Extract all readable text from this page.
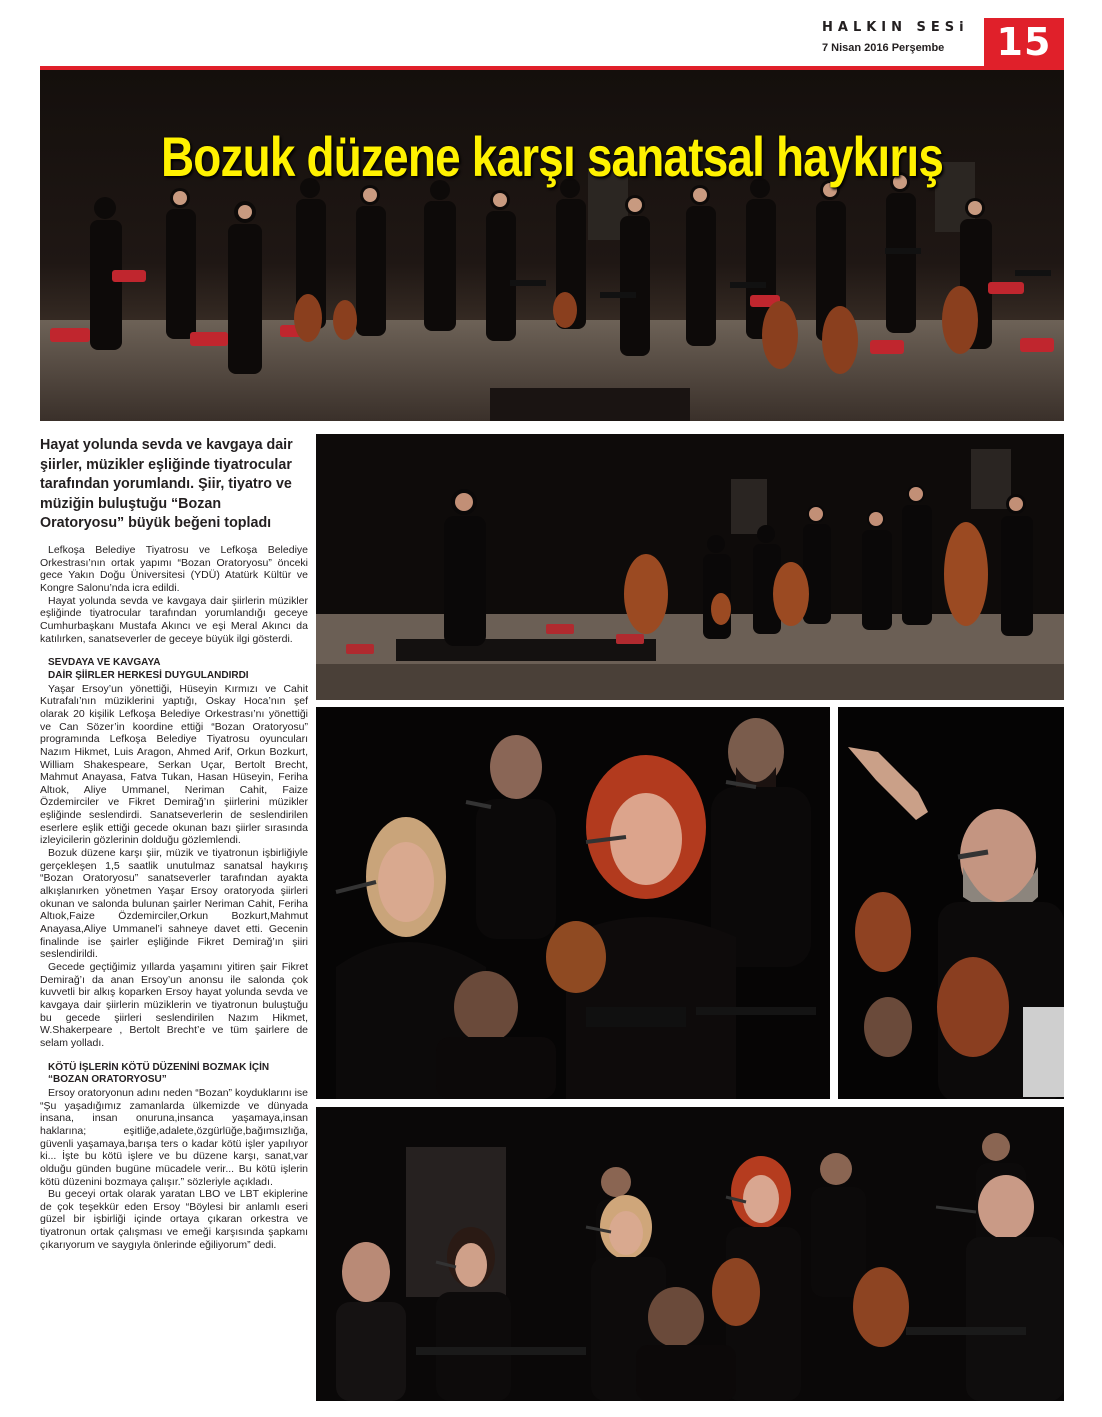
HALKIN SESi
7 Nisan 2016 Perşembe	15
Bozuk düzene karşı sanatsal haykırış

Hayat yolunda sevda ve kavgaya dair şiirler, müzikler eşliğinde tiyatrocular tarafından yorumlandı. Şiir, tiyatro ve müziğin buluştuğu “Bozan Oratoryosu” büyük beğeni topladı

Lefkoşa Belediye Tiyatrosu ve Lefkoşa Belediye Orkestrası’nın ortak yapımı “Bozan Oratoryosu” önceki gece Yakın Doğu Üniversitesi (YDÜ) Atatürk Kültür ve Kongre Salonu’nda icra edildi.

Hayat yolunda sevda ve kavgaya dair şiirlerin müzikler eşliğinde tiyatrocular tarafından yorumlandığı geceye Cumhurbaşkanı Mustafa Akıncı ve eşi Meral Akıncı da katılırken, sanatseverler de geceye büyük ilgi gösterdi.

SEVDAYA VE KAVGAYA
DAİR ŞİİRLER HERKESİ DUYGULANDIRDI

Yaşar Ersoy’un yönettiği, Hüseyin Kırmızı ve Cahit Kutrafalı’nın müziklerini yaptığı, Oskay Hoca’nın şef olarak 20 kişilik Lefkoşa Belediye Orkestrası’nı yönettiği ve Can Sözer’in koordine ettiği “Bozan Oratoryosu” programında Lefkoşa Belediye Tiyatrosu oyuncuları Nazım Hikmet, Luis Aragon, Ahmed Arif, Orkun Bozkurt, William Shakespeare, Serkan Uçar, Bertolt Brecht, Mahmut Anayasa, Fatva Tukan, Hasan Hüseyin, Feriha Altıok, Aliye Ummanel, Neriman Cahit, Faize Özdemirciler ve Fikret Demirağ’ın şiirlerini müzikler eşliğinde seslendirdi. Sanatseverlerin de seslendirilen eserlere eşlik ettiği gecede okunan bazı şiirler sırasında izleyicilerin gözlerinin dolduğu gözlemlendi.

Bozuk düzene karşı şiir, müzik ve tiyatronun işbirliğiyle gerçekleşen 1,5 saatlik unutulmaz sanatsal haykırış “Bozan Oratoryosu” sanatseverler tarafından ayakta alkışlanırken yönetmen Yaşar Ersoy oratoryoda şiirleri okunan ve salonda bulunan şairler Neriman Cahit, Feriha Altıok,Faize Özdemirciler,Orkun Bozkurt,Mahmut Anayasa,Aliye Ummanel’i sahneye davet etti. Gecenin finalinde ise şairler eşliğinde Fikret Demirağ’ın şiiri seslendirildi.

Gecede geçtiğimiz yıllarda yaşamını yitiren şair Fikret Demirağ’ı da anan Ersoy’un anonsu ile salonda çok kuvvetli bir alkış koparken Ersoy hayat yolunda sevda ve kavgaya dair şiirlerin müziklerin ve tiyatronun buluştuğu bu gecede şiirleri seslendirilen Nazım Hikmet, W.Shakerpeare , Bertolt Brecht’e ve tüm şairlere de selam yolladı.

KÖTÜ İŞLERİN KÖTÜ DÜZENİNİ BOZMAK İÇİN
“BOZAN ORATORYOSU”

Ersoy oratoryonun adını neden “Bozan” koyduklarını ise “Şu yaşadığımız zamanlarda ülkemizde ve dünyada insana, insan onuruna,insanca yaşamaya,insan haklarına; eşitliğe,adalete,özgürlüğe,bağımsızlığa, güvenli yaşamaya,barışa ters o kadar kötü işler yapılıyor ki... İşte bu kötü işlere ve bu düzene karşı, sanat,var olduğu günden bugüne mücadele verir... Bu kötü işlerin kötü düzenini bozmaya çalışır.” sözleriyle açıkladı.

Bu geceyi ortak olarak yaratan LBO ve LBT ekiplerine de çok teşekkür eden Ersoy “Böylesi bir anlamlı eseri güzel bir işbirliği içinde ortaya çıkaran orkestra ve tiyatronun ortak çalışması ve emeği karşısında şapkamı çıkarıyorum ve saygıyla önlerinde eğiliyorum” dedi.
